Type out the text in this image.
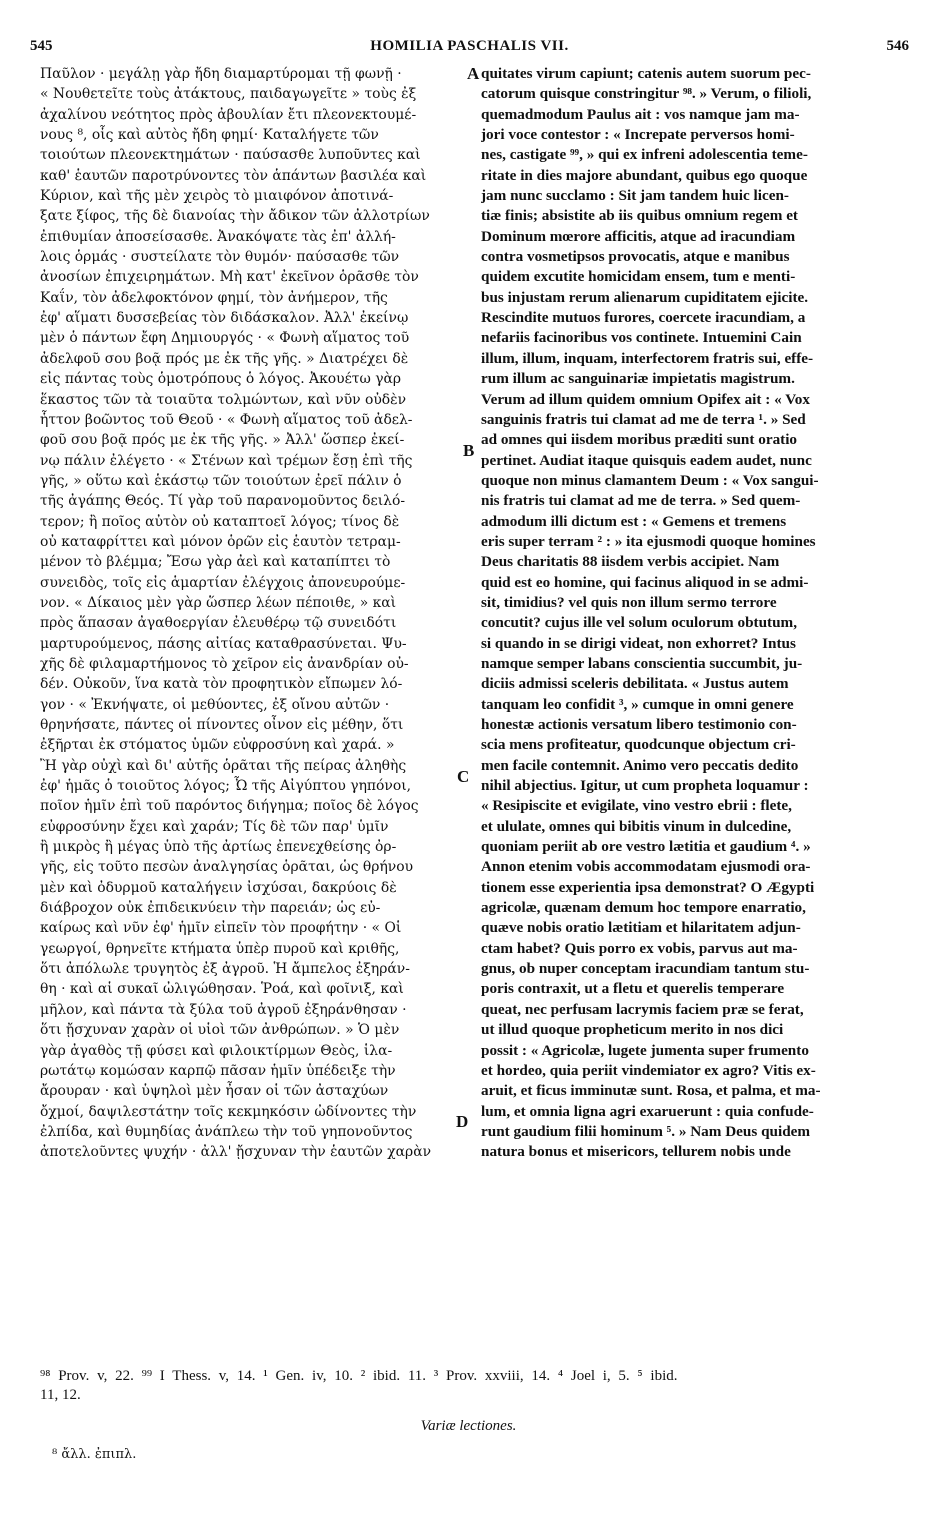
545	HOMILIA PASCHALIS VII.	546
Παῦλον · μεγάλῃ γὰρ ἤδη διαμαρτύρομαι τῇ φωνῇ ·
« Νουθετεῖτε τοὺς ἀτάκτους, παιδαγωγεῖτε » τοὺς ἐξ
ἀχαλίνου νεότητος πρὸς ἀβουλίαν ἔτι πλεονεκτουμέ-
νους ⁸, οἷς καὶ αὐτὸς ἤδη φημί· Καταλήγετε τῶν
τοιούτων πλεονεκτημάτων · παύσασθε λυποῦντες καὶ
καθ' ἑαυτῶν παροτρύνοντες τὸν ἁπάντων βασιλέα καὶ
Κύριον, καὶ τῆς μὲν χειρὸς τὸ μιαιφόνον ἀποτινά-
ξατε ξίφος, τῆς δὲ διανοίας τὴν ἄδικον τῶν ἀλλοτρίων
ἐπιθυμίαν ἀποσείσασθε. Ἀνακόψατε τὰς ἐπ' ἀλλή-
λοις ὁρμάς · συστείλατε τὸν θυμόν· παύσασθε τῶν
ἀνοσίων ἐπιχειρημάτων. Μὴ κατ' ἐκεῖνον ὁρᾶσθε τὸν
Καΐν, τὸν ἀδελφοκτόνον φημί, τὸν ἀνήμερον, τῆς
ἐφ' αἵματι δυσσεβείας τὸν διδάσκαλον. Ἀλλ' ἐκείνῳ
μὲν ὁ πάντων ἔφη Δημιουργός · « Φωνὴ αἵματος τοῦ
ἀδελφοῦ σου βοᾷ πρός με ἐκ τῆς γῆς. » Διατρέχει δὲ
εἰς πάντας τοὺς ὁμοτρόπους ὁ λόγος. Ἀκουέτω γὰρ
ἕκαστος τῶν τὰ τοιαῦτα τολμώντων, καὶ νῦν οὐδὲν
ἧττον βοῶντος τοῦ Θεοῦ · « Φωνὴ αἵματος τοῦ ἀδελ-
φοῦ σου βοᾷ πρός με ἐκ τῆς γῆς. » Ἀλλ' ὥσπερ ἐκεί-
νῳ πάλιν ἐλέγετο · « Στένων καὶ τρέμων ἔσῃ ἐπὶ τῆς
γῆς, » οὕτω καὶ ἑκάστῳ τῶν τοιούτων ἐρεῖ πάλιν ὁ
τῆς ἀγάπης Θεός. Τί γὰρ τοῦ παρανομοῦντος δειλό-
τερον; ἢ ποῖος αὐτὸν οὐ καταπτοεῖ λόγος; τίνος δὲ
οὐ καταφρίττει καὶ μόνον ὁρῶν εἰς ἑαυτὸν τετραμ-
μένον τὸ βλέμμα; Ἔσω γὰρ ἀεὶ καὶ καταπίπτει τὸ
συνειδὸς, τοῖς εἰς ἁμαρτίαν ἐλέγχοις ἀπονευρούμε-
νον. « Δίκαιος μὲν γὰρ ὥσπερ λέων πέποιθε, » καὶ
πρὸς ἅπασαν ἀγαθοεργίαν ἐλευθέρῳ τῷ συνειδότι
μαρτυρούμενος, πάσης αἰτίας καταθρασύνεται. Ψυ-
χῆς δὲ φιλαμαρτήμονος τὸ χεῖρον εἰς ἀνανδρίαν οὐ-
δέν. Οὐκοῦν, ἵνα κατὰ τὸν προφητικὸν εἴπωμεν λό-
γον · « Ἐκνήψατε, οἱ μεθύοντες, ἐξ οἴνου αὐτῶν ·
θρηνήσατε, πάντες οἱ πίνοντες οἶνον εἰς μέθην, ὅτι
ἐξῆρται ἐκ στόματος ὑμῶν εὐφροσύνη καὶ χαρά. »
Ἢ γὰρ οὐχὶ καὶ δι' αὐτῆς ὁρᾶται τῆς πείρας ἀληθὴς
ἐφ' ἡμᾶς ὁ τοιοῦτος λόγος; Ὦ τῆς Αἰγύπτου γηπόνοι,
ποῖον ἡμῖν ἐπὶ τοῦ παρόντος διήγημα; ποῖος δὲ λόγος
εὐφροσύνην ἔχει καὶ χαράν; Τίς δὲ τῶν παρ' ὑμῖν
ἢ μικρὸς ἢ μέγας ὑπὸ τῆς ἀρτίως ἐπενεχθείσης ὀρ-
γῆς, εἰς τοῦτο πεσὼν ἀναλγησίας ὁρᾶται, ὡς θρήνου
μὲν καὶ ὀδυρμοῦ καταλήγειν ἰσχύσαι, δακρύοις δὲ
διάβροχον οὐκ ἐπιδεικνύειν τὴν παρειάν; ὡς εὐ-
καίρως καὶ νῦν ἐφ' ἡμῖν εἰπεῖν τὸν προφήτην · « Οἱ
γεωργοί, θρηνεῖτε κτήματα ὑπὲρ πυροῦ καὶ κριθῆς,
ὅτι ἀπόλωλε τρυγητὸς ἐξ ἀγροῦ. Ἡ ἄμπελος ἐξηράν-
θη · καὶ αἱ συκαῖ ὠλιγώθησαν. Ῥοά, καὶ φοῖνιξ, καὶ
μῆλον, καὶ πάντα τὰ ξύλα τοῦ ἀγροῦ ἐξηράνθησαν ·
ὅτι ᾔσχυναν χαρὰν οἱ υἱοὶ τῶν ἀνθρώπων. » Ὁ μὲν
γὰρ ἀγαθὸς τῇ φύσει καὶ φιλοικτίρμων Θεὸς, ἱλα-
ρωτάτῳ κομώσαν καρπῷ πᾶσαν ἡμῖν ὑπέδειξε τὴν
ἄρουραν · καὶ ὑψηλοὶ μὲν ἦσαν οἱ τῶν ἀσταχύων
ὄχμοί, δαψιλεστάτην τοῖς κεκμηκόσιν ὠδίνοντες τὴν
ἐλπίδα, καὶ θυμηδίας ἀνάπλεω τὴν τοῦ γηπονοῦντος
ἀποτελοῦντες ψυχήν · ἀλλ' ᾔσχυναν τὴν ἑαυτῶν χαρὰν
quitates virum capiunt; catenis autem suorum pec-
catorum quisque constringitur ⁹⁸. » Verum, o filioli,
quemadmodum Paulus ait : vos namque jam ma-
jori voce contestor : « Increpate perversos homi-
nes, castigate ⁹⁹, » qui ex infreni adolescentia teme-
ritate in dies majore abundant, quibus ego quoque
jam nunc succlamo : Sit jam tandem huic licen-
tiæ finis; absistite ab iis quibus omnium regem et
Dominum mœrore afficitis, atque ad iracundiam
contra vosmetipsos provocatis, atque e manibus
quidem excutite homicidam ensem, tum e menti-
bus injustam rerum alienarum cupiditatem ejicite.
Rescindite mutuos furores, coercete iracundiam, a
nefariis facinoribus vos continete. Intuemini Cain
illum, illum, inquam, interfectorem fratris sui, effe-
rum illum ac sanguinariæ impietatis magistrum.
Verum ad illum quidem omnium Opifex ait : « Vox
sanguinis fratris tui clamat ad me de terra ¹. » Sed
ad omnes qui iisdem moribus præditi sunt oratio
pertinet. Audiat itaque quisquis eadem audet, nunc
quoque non minus clamantem Deum : « Vox sangui-
nis fratris tui clamat ad me de terra. » Sed quem-
admodum illi dictum est : « Gemens et tremens
eris super terram ² : » ita ejusmodi quoque homines
Deus charitatis 88 iisdem verbis accipiet. Nam
quid est eo homine, qui facinus aliquod in se admi-
sit, timidius? vel quis non illum sermo terrore
concutit? cujus ille vel solum oculorum obtutum,
si quando in se dirigi videat, non exhorret? Intus
namque semper labans conscientia succumbit, ju-
diciis admissi sceleris debilitata. « Justus autem
tanquam leo confidit ³, » cumque in omni genere
honestæ actionis versatum libero testimonio con-
scia mens profiteatur, quodcunque objectum cri-
men facile contemnit. Animo vero peccatis dedito
nihil abjectius. Igitur, ut cum propheta loquamur :
« Resipiscite et evigilate, vino vestro ebrii : flete,
et ululate, omnes qui bibitis vinum in dulcedine,
quoniam periit ab ore vestro lætitia et gaudium ⁴. »
Annon etenim vobis accommodatam ejusmodi ora-
tionem esse experientia ipsa demonstrat? O Ægypti
agricolæ, quænam demum hoc tempore enarratio,
quæve nobis oratio lætitiam et hilaritatem adjun-
ctam habet? Quis porro ex vobis, parvus aut ma-
gnus, ob nuper conceptam iracundiam tantum stu-
poris contraxit, ut a fletu et querelis temperare
queat, nec perfusam lacrymis faciem præ se ferat,
ut illud quoque propheticum merito in nos dici
possit : « Agricolæ, lugete jumenta super frumento
et hordeo, quia periit vindemiator ex agro? Vitis ex-
aruit, et ficus imminutæ sunt. Rosa, et palma, et ma-
lum, et omnia ligna agri exaruerunt : quia confude-
runt gaudium filii hominum ⁵. » Nam Deus quidem
natura bonus et misericors, tellurem nobis unde
A
B
C
D
⁹⁸ Prov. v, 22. ⁹⁹ I Thess. v, 14. ¹ Gen. iv, 10. ² ibid. 11. ³ Prov. xxviii, 14. ⁴ Joel i, 5. ⁵ ibid.
11, 12.
Variæ lectiones.
⁸ ἄλλ. ἐπιπλ.
